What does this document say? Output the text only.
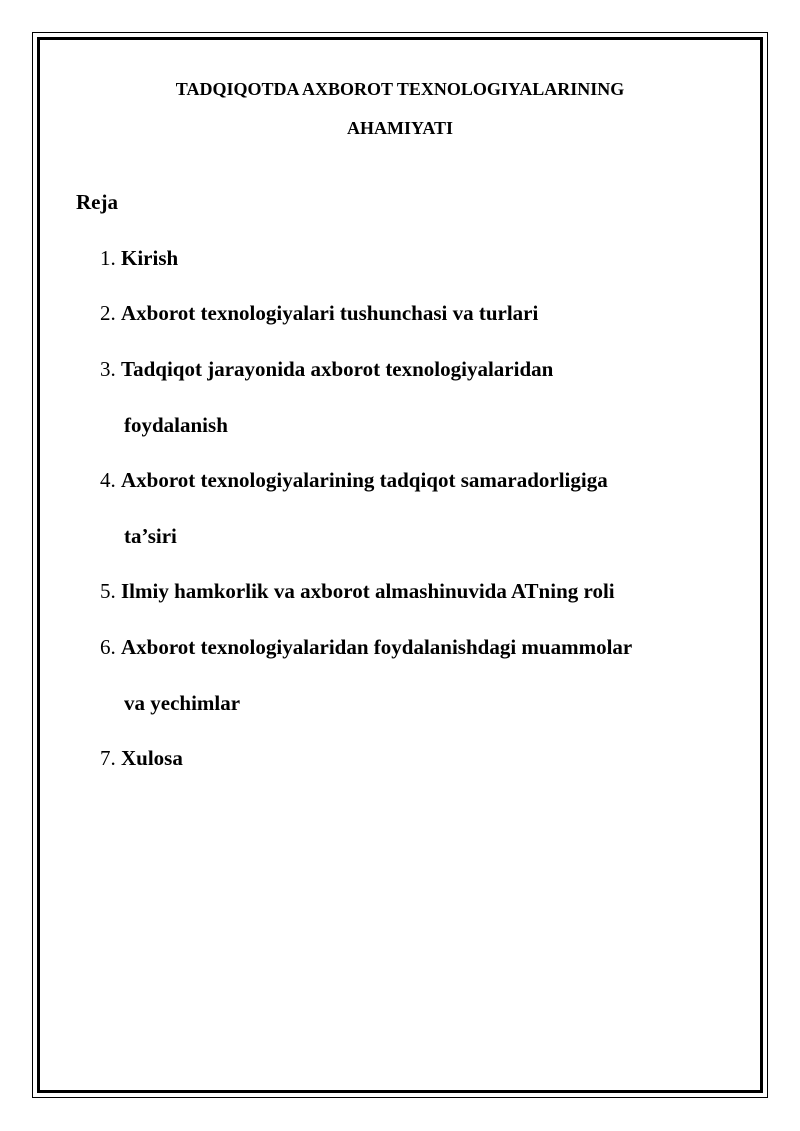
TADQIQOTDA AXBOROT TEXNOLOGIYALARINING
AHAMIYATI
Reja
1. Kirish
2. Axborot texnologiyalari tushunchasi va turlari
3. Tadqiqot jarayonida axborot texnologiyalaridan
foydalanish
4. Axborot texnologiyalarining tadqiqot samaradorligiga
ta’siri
5. Ilmiy hamkorlik va axborot almashinuvida ATning roli
6. Axborot texnologiyalaridan foydalanishdagi muammolar
va yechimlar
7. Xulosa
